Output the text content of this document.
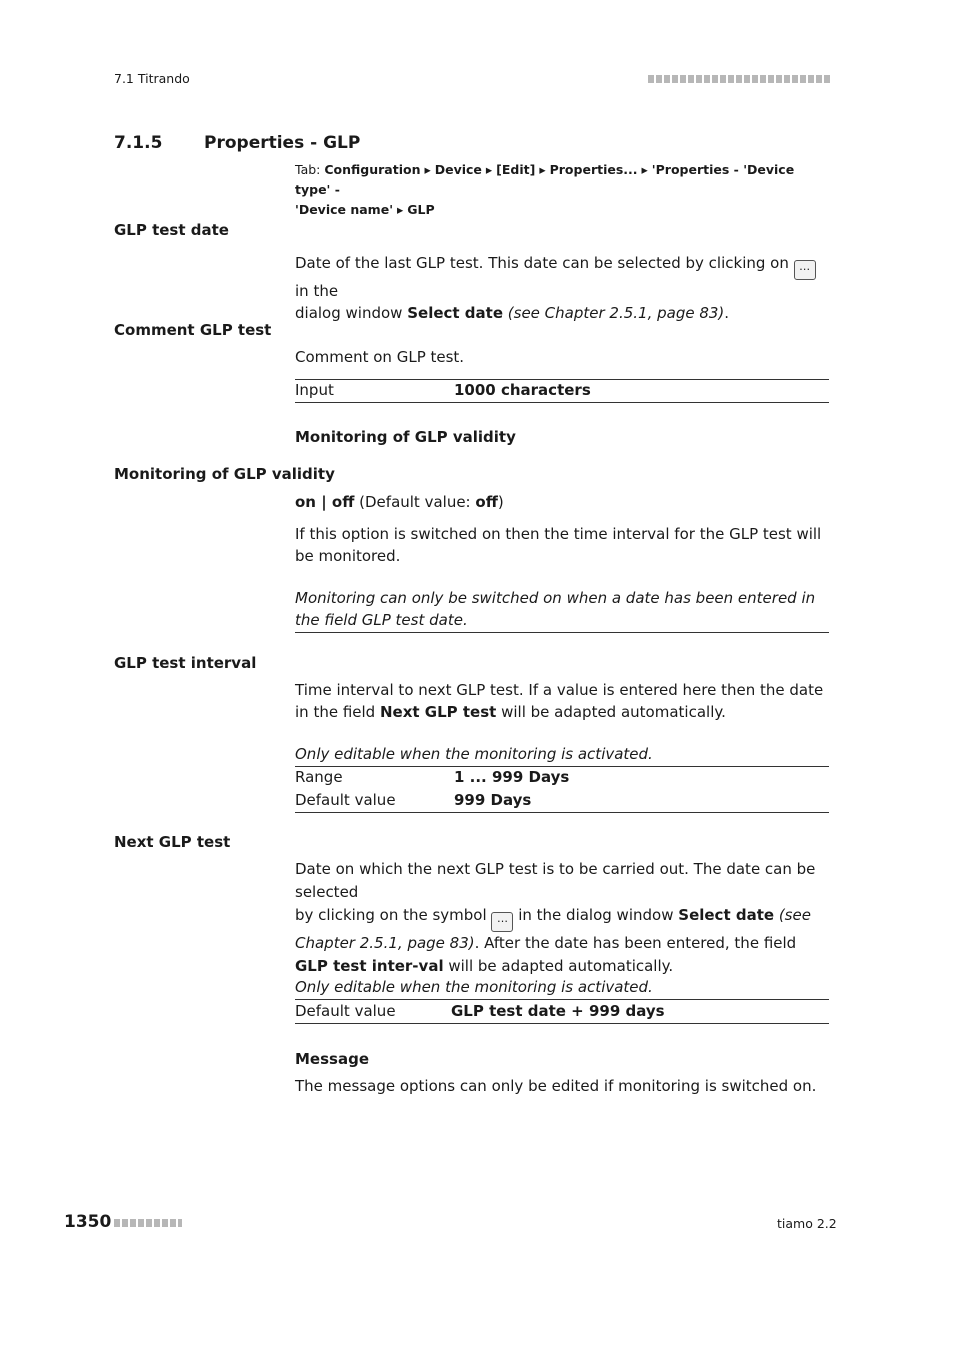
7.1 Titrando
7.1.5 Properties - GLP
Tab: Configuration ▸ Device ▸ [Edit] ▸ Properties... ▸ 'Properties - 'Device type' -
'Device name' ▸ GLP
GLP test date
Date of the last GLP test. This date can be selected by clicking on … in the
dialog window Select date (see Chapter 2.5.1, page 83).
Comment GLP test
Comment on GLP test.
Input	1000 characters
Monitoring of GLP validity
Monitoring of GLP validity
on | off (Default value: off)
If this option is switched on then the time interval for the GLP test will be monitored.
Monitoring can only be switched on when a date has been entered in the field GLP test date.
GLP test interval
Time interval to next GLP test. If a value is entered here then the date in the field Next GLP test will be adapted automatically.
Only editable when the monitoring is activated.
Range	1 ... 999 Days
Default value	999 Days
Next GLP test
Date on which the next GLP test is to be carried out. The date can be selected
by clicking on the symbol … in the dialog window Select date (see Chapter 2.5.1, page 83). After the date has been entered, the field GLP test inter-val will be adapted automatically.
Only editable when the monitoring is activated.
Default value	GLP test date + 999 days
Message
The message options can only be edited if monitoring is switched on.
1350	tiamo 2.2
